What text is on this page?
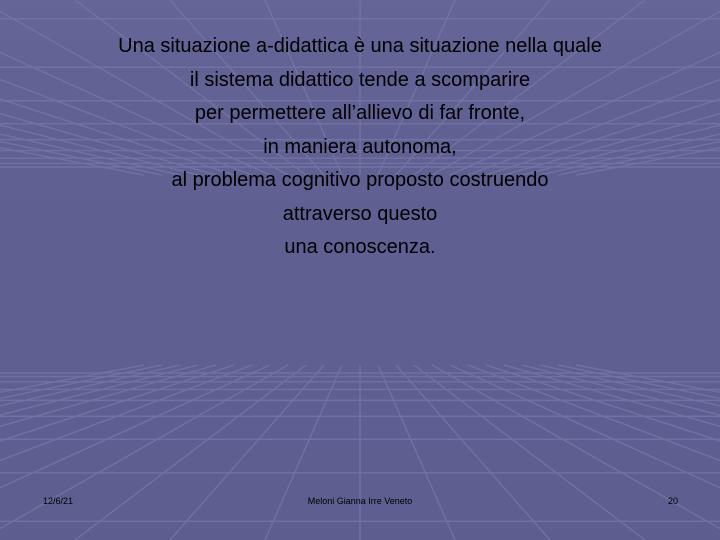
Una situazione a-didattica è una situazione nella quale
il sistema didattico tende a scomparire
per permettere all’allievo di far fronte,
in maniera autonoma,
al problema cognitivo proposto costruendo
attraverso questo
una conoscenza.
12/6/21	Meloni Gianna Irre Veneto	20
